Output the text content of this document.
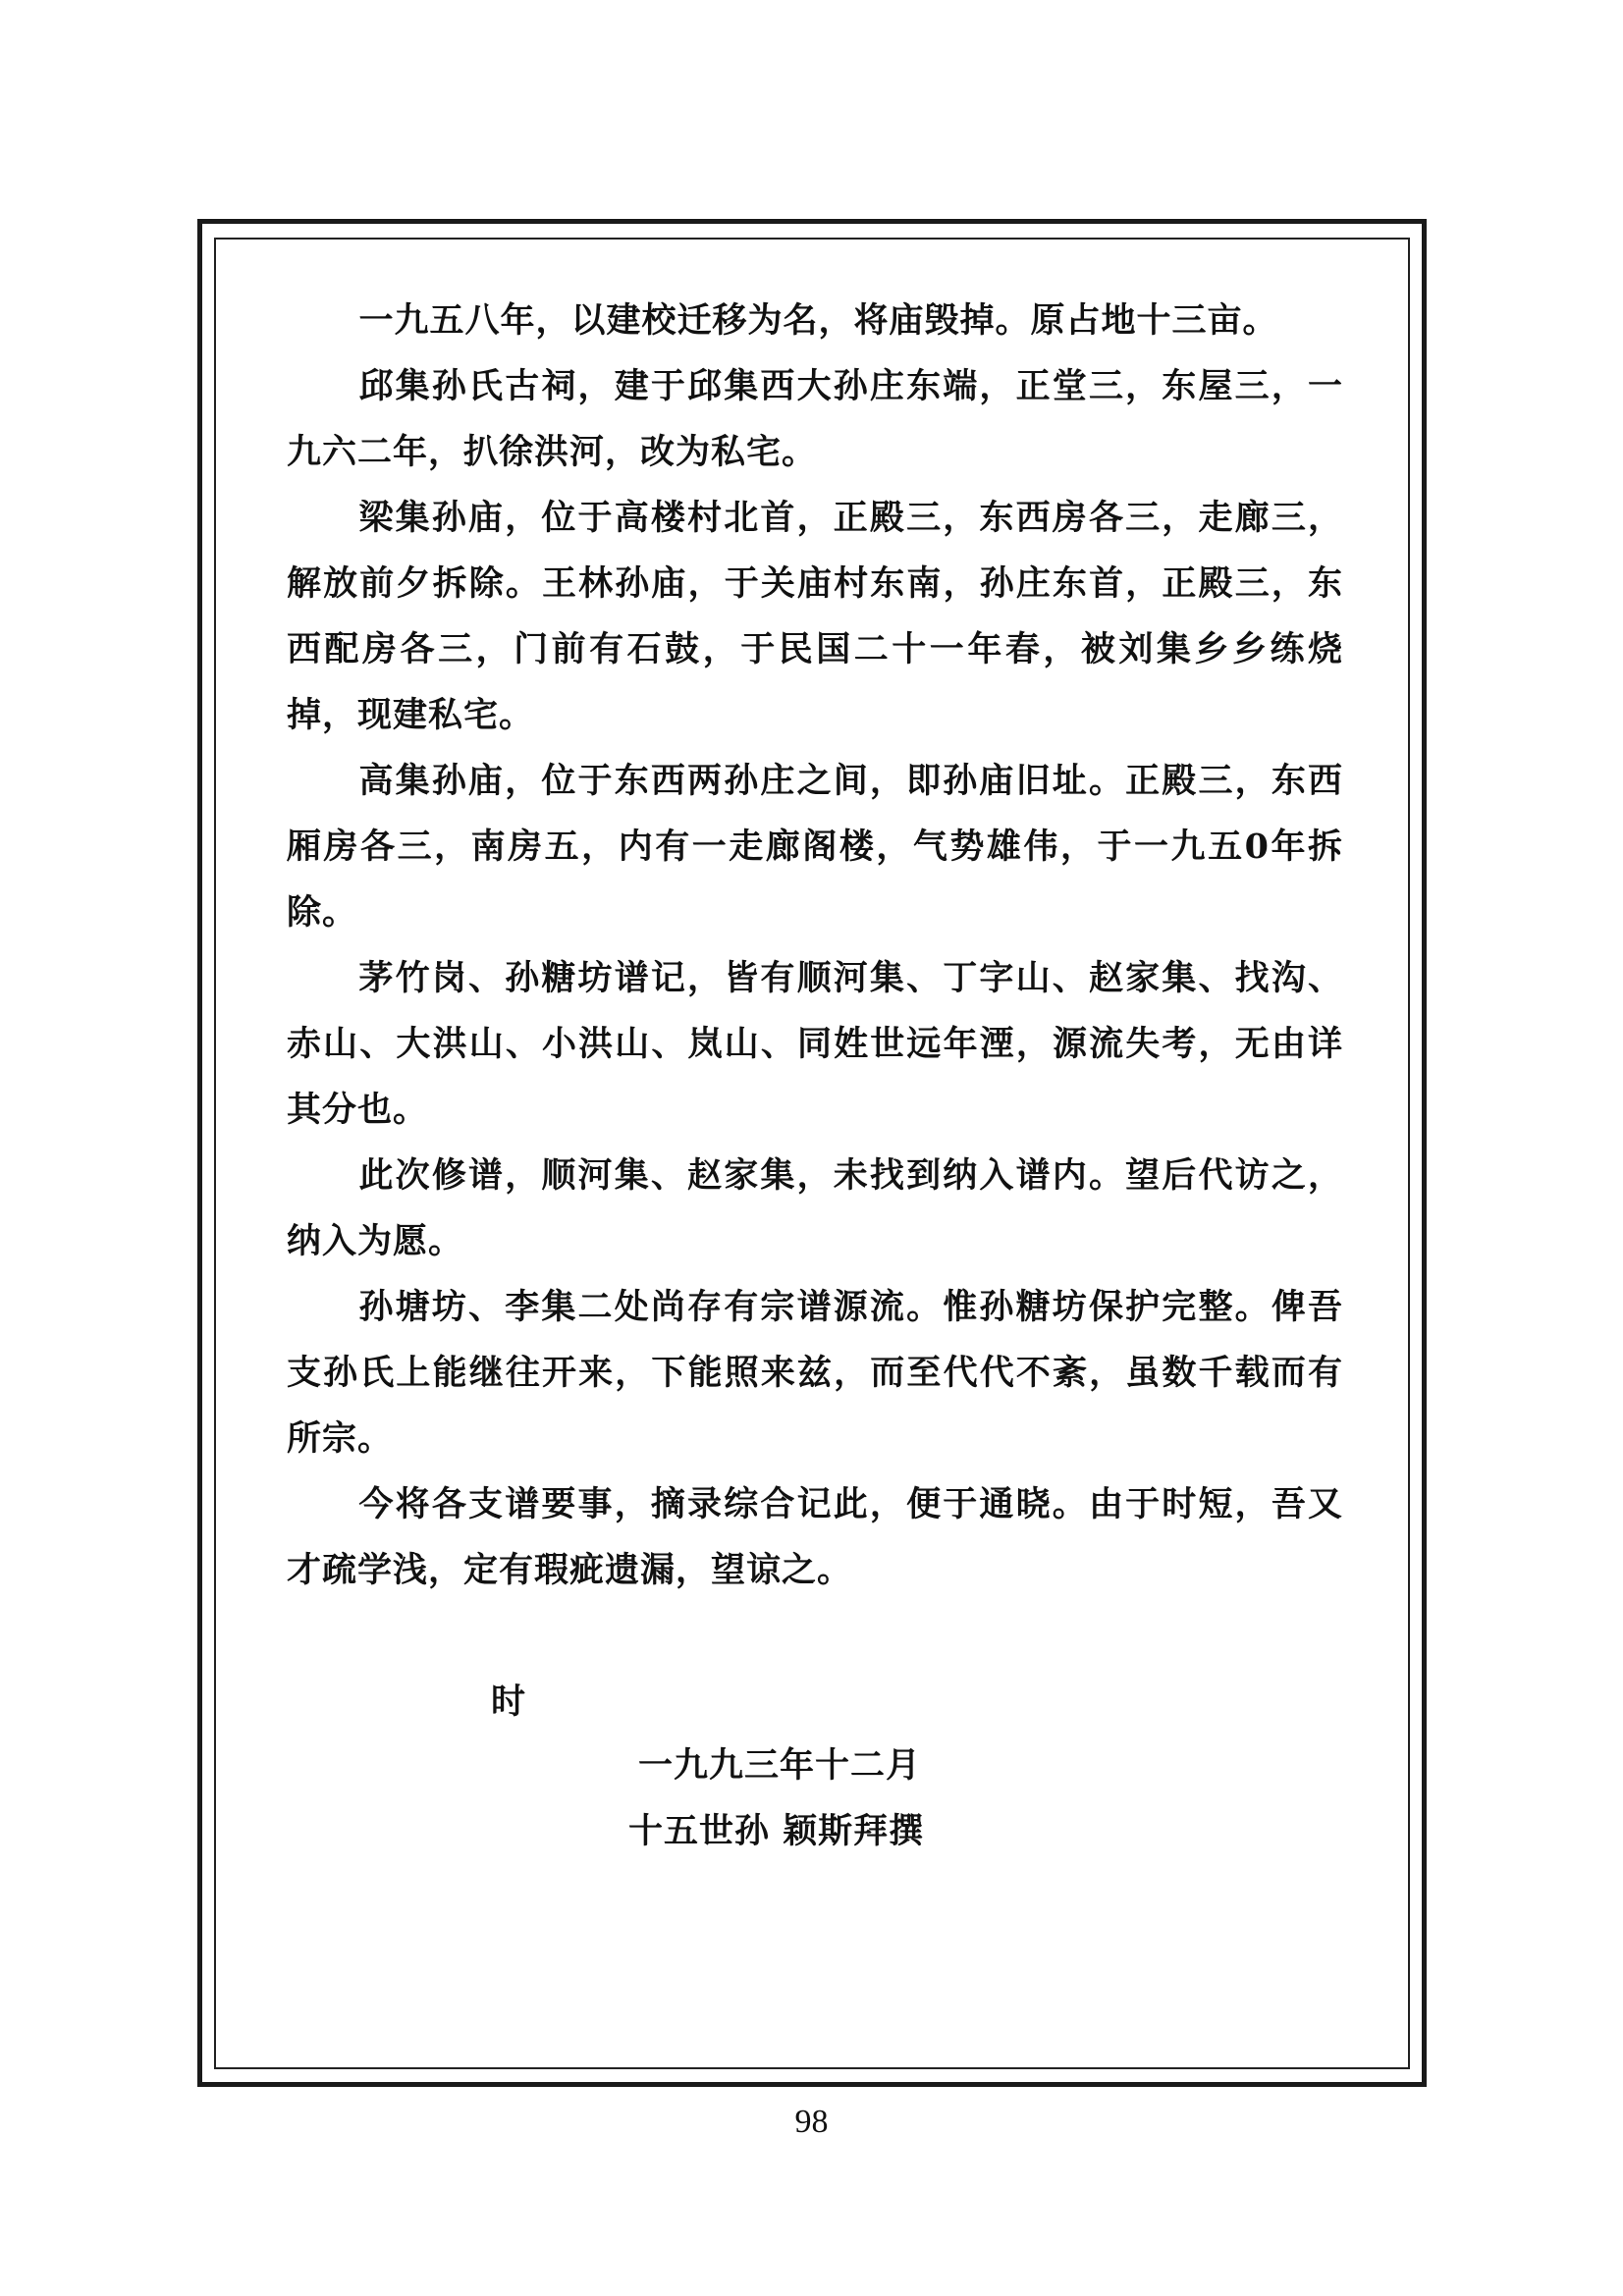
一九五八年，以建校迁移为名，将庙毁掉。原占地十三亩。

邱集孙氏古祠，建于邱集西大孙庄东端，正堂三，东屋三，一九六二年，扒徐洪河，改为私宅。

梁集孙庙，位于高楼村北首，正殿三，东西房各三，走廊三，解放前夕拆除。王林孙庙，于关庙村东南，孙庄东首，正殿三，东西配房各三，门前有石鼓，于民国二十一年春，被刘集乡乡练烧掉，现建私宅。

高集孙庙，位于东西两孙庄之间，即孙庙旧址。正殿三，东西厢房各三，南房五，内有一走廊阁楼，气势雄伟，于一九五0年拆除。

茅竹岗、孙糖坊谱记，皆有顺河集、丁字山、赵家集、找沟、赤山、大洪山、小洪山、岚山、同姓世远年湮，源流失考，无由详其分也。

此次修谱，顺河集、赵家集，未找到纳入谱内。望后代访之，纳入为愿。

孙塘坊、李集二处尚存有宗谱源流。惟孙糖坊保护完整。俾吾支孙氏上能继往开来，下能照来兹，而至代代不紊，虽数千载而有所宗。

今将各支谱要事，摘录综合记此，便于通晓。由于时短，吾又才疏学浅，定有瑕疵遗漏，望谅之。

时
一九九三年十二月
十五世孙 颖斯拜撰
98
